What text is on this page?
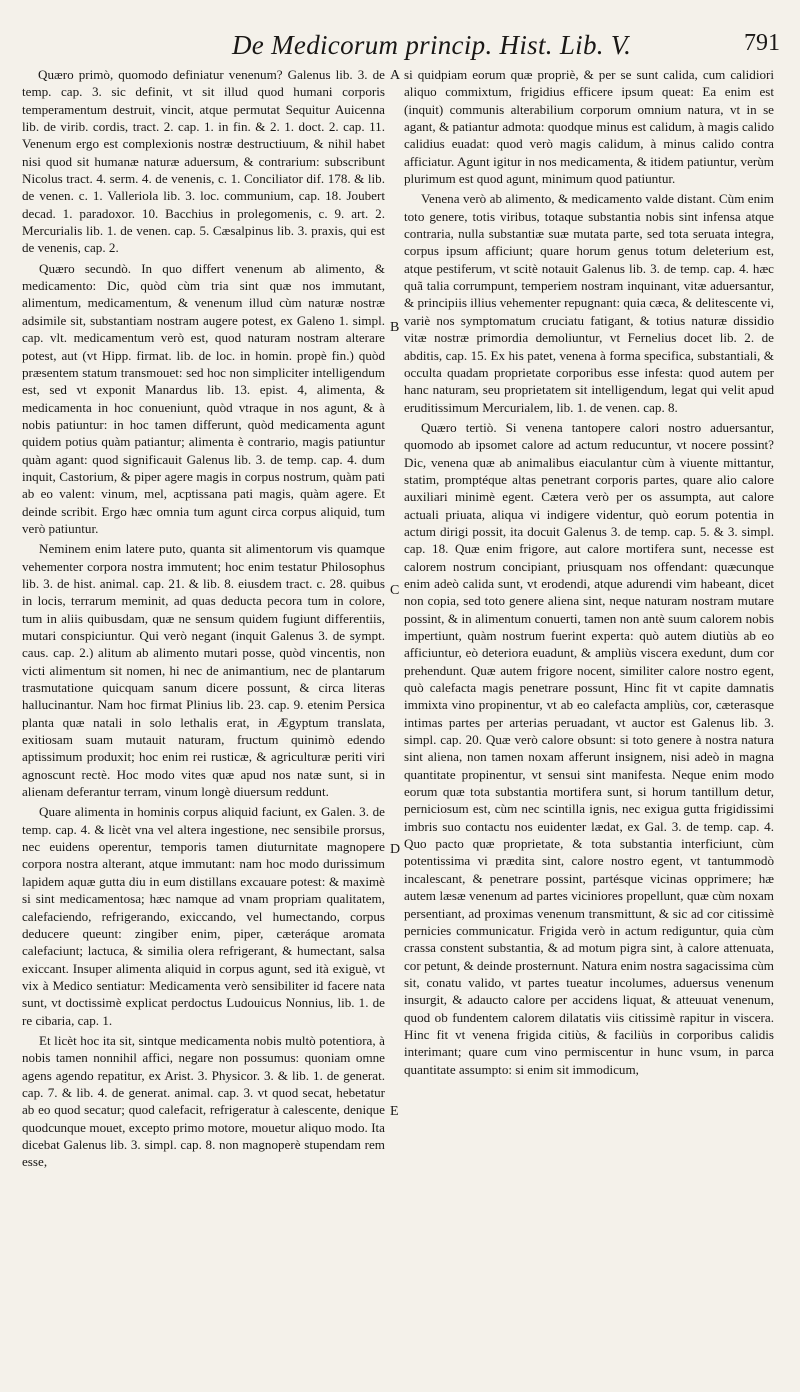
De Medicorum princip. Hist. Lib. V.	791

Quæro primò, quomodo definiatur venenum? Galenus lib. 3. de temp. cap. 3. sic definit, vt sit illud quod humani corporis temperamentum destruit, vincit, atque permutat Sequitur Auicenna lib. de virib. cordis, tract. 2. cap. 1. in fin. & 2. 1. doct. 2. cap. 11. Venenum ergo est complexionis nostræ destructiuum, & nihil habet nisi quod sit humanæ naturæ aduersum, & contrarium: subscribunt Nicolus tract. 4. serm. 4. de venenis, c. 1. Conciliator dif. 178. & lib. de venen. c. 1. Valleriola lib. 3. loc. communium, cap. 18. Joubert decad. 1. paradoxor. 10. Bacchius in prolegomenis, c. 9. art. 2. Mercurialis lib. 1. de venen. cap. 5. Cæsalpinus lib. 3. praxis, qui est de venenis, cap. 2.

Quæro secundò. In quo differt venenum ab alimento, & medicamento: Dic, quòd cùm tria sint quæ nos immutant, alimentum, medicamentum, & venenum illud cùm naturæ nostræ adsimile sit, substantiam nostram augere potest, ex Galeno 1. simpl. cap. vlt. medicamentum verò est, quod naturam nostram alterare potest, aut (vt Hipp. firmat. lib. de loc. in homin. propè fin.) quòd præsentem statum transmouet: sed hoc non simpliciter intelligendum est, sed vt exponit Manardus lib. 13. epist. 4, alimenta, & medicamenta in hoc conueniunt, quòd vtraque in nos agunt, & à nobis patiuntur: in hoc tamen differunt, quòd medicamenta agunt quidem potius quàm patiantur; alimenta è contrario, magis patiuntur quàm agant: quod significauit Galenus lib. 3. de temp. cap. 4. dum inquit, Castorium, & piper agere magis in corpus nostrum, quàm pati ab eo valent: vinum, mel, acptissana pati magis, quàm agere. Et deinde scribit. Ergo hæc omnia tum agunt circa corpus aliquid, tum verò patiuntur.

Neminem enim latere puto, quanta sit alimentorum vis quamque vehementer corpora nostra immutent; hoc enim testatur Philosophus lib. 3. de hist. animal. cap. 21. & lib. 8. eiusdem tract. c. 28. quibus in locis, terrarum meminit, ad quas deducta pecora tum in colore, tum in aliis quibusdam, quæ ne sensum quidem fugiunt differentiis, mutari conspiciuntur. Qui verò negant (inquit Galenus 3. de sympt. caus. cap. 2.) alitum ab alimento mutari posse, quòd vincentis, non victi alimentum sit nomen, hi nec de animantium, nec de plantarum trasmutatione quicquam sanum dicere possunt, & circa literas hallucinantur. Nam hoc firmat Plinius lib. 23. cap. 9. etenim Persica planta quæ natali in solo lethalis erat, in Ægyptum translata, exitiosam suam mutauit naturam, fructum quinimò edendo aptissimum produxit; hoc enim rei rusticæ, & agriculturæ periti viri agnoscunt rectè. Hoc modo vites quæ apud nos natæ sunt, si in alienam deferantur terram, vinum longè diuersum reddunt.

Quare alimenta in hominis corpus aliquid faciunt, ex Galen. 3. de temp. cap. 4. & licèt vna vel altera ingestione, nec sensibile prorsus, nec euidens operentur, temporis tamen diuturnitate magnopere corpora nostra alterant, atque immutant: nam hoc modo durissimum lapidem aquæ gutta diu in eum distillans excauare potest: & maximè si sint medicamentosa; hæc namque ad vnam propriam qualitatem, calefaciendo, refrigerando, exiccando, vel humectando, corpus deducere queunt: zingiber enim, piper, cæteráque aromata calefaciunt; lactuca, & similia olera refrigerant, & humectant, salsa exiccant. Insuper alimenta aliquid in corpus agunt, sed ità exiguè, vt vix à Medico sentiatur: Medicamenta verò sensibiliter id facere nata sunt, vt doctissimè explicat perdoctus Ludouicus Nonnius, lib. 1. de re cibaria, cap. 1.

Et licèt hoc ita sit, sintque medicamenta nobis multò potentiora, à nobis tamen nonnihil affici, negare non possumus: quoniam omne agens agendo repatitur, ex Arist. 3. Physicor. 3. & lib. 1. de generat. cap. 7. & lib. 4. de generat. animal. cap. 3. vt quod secat, hebetatur ab eo quod secatur; quod calefacit, refrigeratur à calescente, denique quodcunque mouet, excepto primo motore, mouetur aliquo modo. Ita dicebat Galenus lib. 3. simpl. cap. 8. non magnoperè stupendam rem esse,

A
B
C
D
E

si quidpiam eorum quæ propriè, & per se sunt calida, cum calidiori aliquo commixtum, frigidius efficere ipsum queat: Ea enim est (inquit) communis alterabilium corporum omnium natura, vt in se agant, & patiantur admota: quodque minus est calidum, à magis calido calidius euadat: quod verò magis calidum, à minus calido contra afficiatur. Agunt igitur in nos medicamenta, & itidem patiuntur, verùm plurimum est quod agunt, minimum quod patiuntur.

Venena verò ab alimento, & medicamento valde distant. Cùm enim toto genere, totis viribus, totaque substantia nobis sint infensa atque contraria, nulla substantiæ suæ mutata parte, sed tota seruata integra, corpus ipsum afficiunt; quare horum genus totum deleterium est, atque pestiferum, vt scitè notauit Galenus lib. 3. de temp. cap. 4. hæc quã talia corrumpunt, temperiem nostram inquinant, vitæ aduersantur, & principiis illius vehementer repugnant: quia cæca, & delitescente vi, variè nos symptomatum cruciatu fatigant, & totius naturæ dissidio vitæ nostræ primordia demoliuntur, vt Fernelius docet lib. 2. de abditis, cap. 15. Ex his patet, venena à forma specifica, substantiali, & occulta quadam proprietate corporibus esse infesta: quod autem per hanc naturam, seu proprietatem sit intelligendum, legat qui velit apud eruditissimum Mercurialem, lib. 1. de venen. cap. 8.

Quæro tertiò. Si venena tantopere calori nostro aduersantur, quomodo ab ipsomet calore ad actum reducuntur, vt nocere possint? Dic, venena quæ ab animalibus eiaculantur cùm à viuente mittantur, statim, promptéque altas penetrant corporis partes, quare alio calore auxiliari minimè egent. Cætera verò per os assumpta, aut calore actuali priuata, aliqua vi indigere videntur, quò eorum potentia in actum dirigi possit, ita docuit Galenus 3. de temp. cap. 5. & 3. simpl. cap. 18. Quæ enim frigore, aut calore mortifera sunt, necesse est calorem nostrum concipiant, priusquam nos offendant: quæcunque enim adeò calida sunt, vt erodendi, atque adurendi vim habeant, dicet non copia, sed toto genere aliena sint, neque naturam nostram mutare possint, & in alimentum conuerti, tamen non antè suum calorem nobis impertiunt, quàm nostrum fuerint experta: quò autem diutiùs ab eo afficiuntur, eò deteriora euadunt, & ampliùs viscera exedunt, dum cor prehendunt. Quæ autem frigore nocent, similiter calore nostro egent, quò calefacta magis penetrare possunt, Hinc fit vt capite damnatis immixta vino propinentur, vt ab eo calefacta ampliùs, cor, cæterasque intimas partes per arterias peruadant, vt auctor est Galenus lib. 3. simpl. cap. 20. Quæ verò calore obsunt: si toto genere à nostra natura sint aliena, non tamen noxam afferunt insignem, nisi adeò in magna quantitate propinentur, vt sensui sint manifesta. Neque enim modo eorum quæ tota substantia mortifera sunt, si horum tantillum detur, perniciosum est, cùm nec scintilla ignis, nec exigua gutta frigidissimi imbris suo contactu nos euidenter lædat, ex Gal. 3. de temp. cap. 4. Quo pacto quæ proprietate, & tota substantia interficiunt, cùm potentissima vi prædita sint, calore nostro egent, vt tantummodò incalescant, & penetrare possint, partésque vicinas opprimere; hæ autem læsæ venenum ad partes viciniores propellunt, quæ cùm noxam persentiant, ad proximas venenum transmittunt, & sic ad cor citissimè pernicies communicatur. Frigida verò in actum rediguntur, quia cùm crassa constent substantia, & ad motum pigra sint, à calore attenuata, cor petunt, & deinde prosternunt. Natura enim nostra sagacissima cùm sit, conatu valido, vt partes tueatur incolumes, aduersus venenum insurgit, & adaucto calore per accidens liquat, & atteuuat venenum, quod ob fundentem calorem dilatatis viis citissimè rapitur in viscera. Hinc fit vt venena frigida citiùs, & faciliùs in corporibus calidis interimant; quare cum vino permiscentur in hunc vsum, in parca quantitate assumpto: si enim sit immodicum,
